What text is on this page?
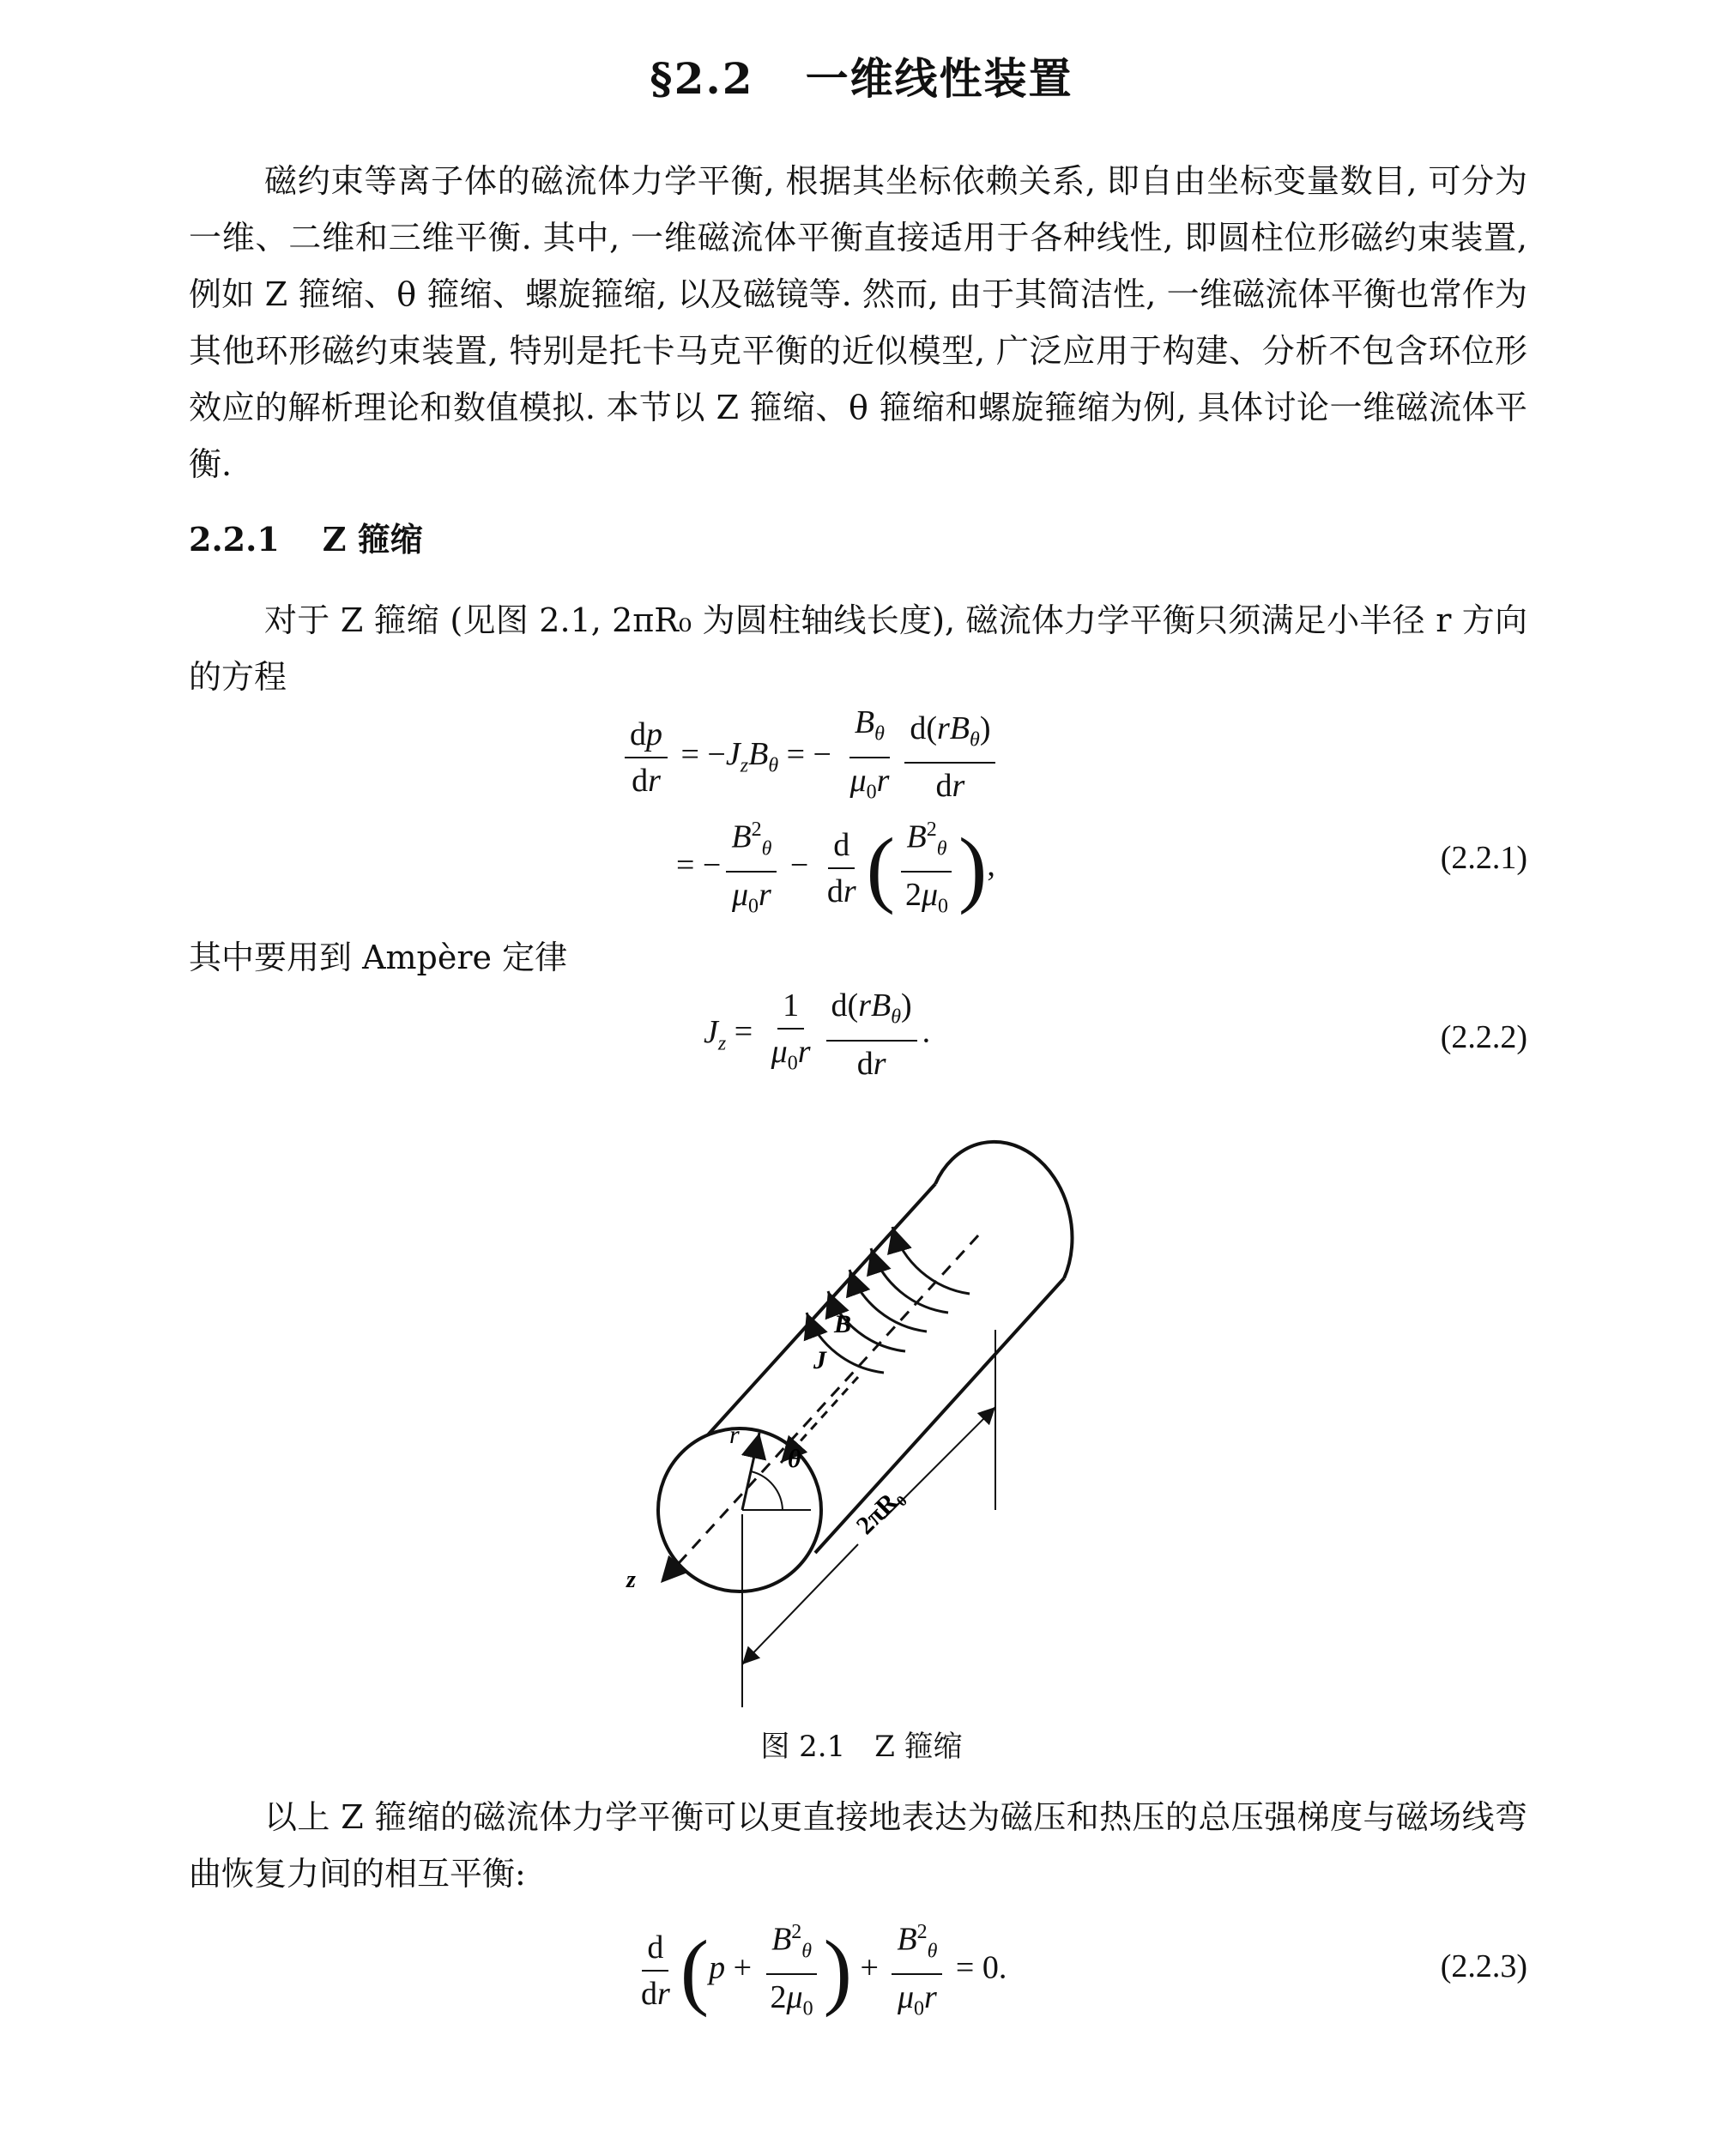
§2.2 一维线性装置
磁约束等离子体的磁流体力学平衡, 根据其坐标依赖关系, 即自由坐标变量数目, 可分为一维、二维和三维平衡. 其中, 一维磁流体平衡直接适用于各种线性, 即圆柱位形磁约束装置, 例如 Z 箍缩、θ 箍缩、螺旋箍缩, 以及磁镜等. 然而, 由于其简洁性, 一维磁流体平衡也常作为其他环形磁约束装置, 特别是托卡马克平衡的近似模型, 广泛应用于构建、分析不包含环位形效应的解析理论和数值模拟. 本节以 Z 箍缩、θ 箍缩和螺旋箍缩为例, 具体讨论一维磁流体平衡.
2.2.1 Z 箍缩
对于 Z 箍缩 (见图 2.1, 2πR₀ 为圆柱轴线长度), 磁流体力学平衡只须满足小半径 r 方向的方程
$\frac{dp}{dr} = -J_zB_\theta$ = − $\frac{B_\theta}{\mu_0r} \frac{d(rB_\theta)}{dr}$
= − $\frac{B^2_\theta}{\mu_0r} - \frac{d}{dr}$ ( $\frac{B^2_\theta}{2\mu_0}$ ),	(2.2.1)
其中要用到 Ampère 定律
$J_z = \frac{1}{\mu_0r} \frac{d(rB_\theta)}{dr}$ .	(2.2.2)
B
J
r
θ
z
2πR₀
图 2.1　Z 箍缩
以上 Z 箍缩的磁流体力学平衡可以更直接地表达为磁压和热压的总压强梯度与磁场线弯曲恢复力间的相互平衡:
$\frac{d}{dr} (p + \frac{B^2_\theta}{2\mu_0}$ ) + $\frac{B^2_\theta}{\mu_0r} = 0$.	(2.2.3)
